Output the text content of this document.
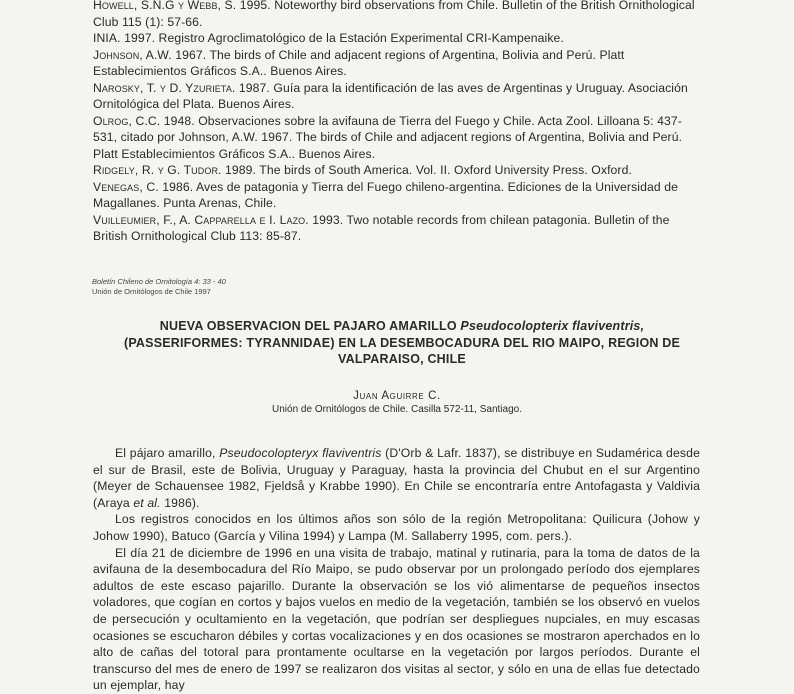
Howell, S.N.G y Webb, S. 1995. Noteworthy bird observations from Chile. Bulletin of the British Ornithological Club 115 (1): 57-66.
INIA. 1997. Registro Agroclimatológico de la Estación Experimental CRI-Kampenaike.
Johnson, A.W. 1967. The birds of Chile and adjacent regions of Argentina, Bolivia and Perú. Platt Establecimientos Gráficos S.A.. Buenos Aires.
Narosky, T. y D. Yzurieta. 1987. Guía para la identificación de las aves de Argentinas y Uruguay. Asociación Ornitológica del Plata. Buenos Aires.
Olrog, C.C. 1948. Observaciones sobre la avifauna de Tierra del Fuego y Chile. Acta Zool. Lilloana 5: 437-531, citado por Johnson, A.W. 1967. The birds of Chile and adjacent regions of Argentina, Bolivia and Perú. Platt Establecimientos Gráficos S.A.. Buenos Aires.
Ridgely, R. y G. Tudor. 1989. The birds of South America. Vol. II. Oxford University Press. Oxford.
Venegas, C. 1986. Aves de patagonia y Tierra del Fuego chileno-argentina. Ediciones de la Universidad de Magallanes. Punta Arenas, Chile.
Vuilleumier, F., A. Capparella e I. Lazo. 1993. Two notable records from chilean patagonia. Bulletin of the British Ornithological Club 113: 85-87.
Boletín Chileno de Ornitología 4: 33 - 40
Unión de Ornitólogos de Chile 1997
NUEVA OBSERVACION DEL PAJARO AMARILLO Pseudocolopterix flaviventris,
(PASSERIFORMES: TYRANNIDAE) EN LA DESEMBOCADURA DEL RIO MAIPO, REGION DE VALPARAISO, CHILE
Juan Aguirre C.
Unión de Ornitólogos de Chile. Casilla 572-11, Santiago.

El pájaro amarillo, Pseudocolopteryx flaviventris (D'Orb & Lafr. 1837), se distribuye en Sudamérica desde el sur de Brasil, este de Bolivia, Uruguay y Paraguay, hasta la provincia del Chubut en el sur Argentino (Meyer de Schauensee 1982, Fjeldså y Krabbe 1990). En Chile se encontraría entre Antofagasta y Valdivia (Araya et al. 1986).

Los registros conocidos en los últimos años son sólo de la región Metropolitana: Quilicura (Johow y Johow 1990), Batuco (García y Vilina 1994) y Lampa (M. Sallaberry 1995, com. pers.).

El día 21 de diciembre de 1996 en una visita de trabajo, matinal y rutinaria, para la toma de datos de la avifauna de la desembocadura del Río Maipo, se pudo observar por un prolongado período dos ejemplares adultos de este escaso pajarillo. Durante la observación se los vió alimentarse de pequeños insectos voladores, que cogían en cortos y bajos vuelos en medio de la vegetación, también se los observó en vuelos de persecución y ocultamiento en la vegetación, que podrían ser despliegues nupciales, en muy escasas ocasiones se escucharon débiles y cortas vocalizaciones y en dos ocasiones se mostraron aperchados en lo alto de cañas del totoral para prontamente ocultarse en la vegetación por largos períodos. Durante el transcurso del mes de enero de 1997 se realizaron dos visitas al sector, y sólo en una de ellas fue detectado un ejemplar, hay
